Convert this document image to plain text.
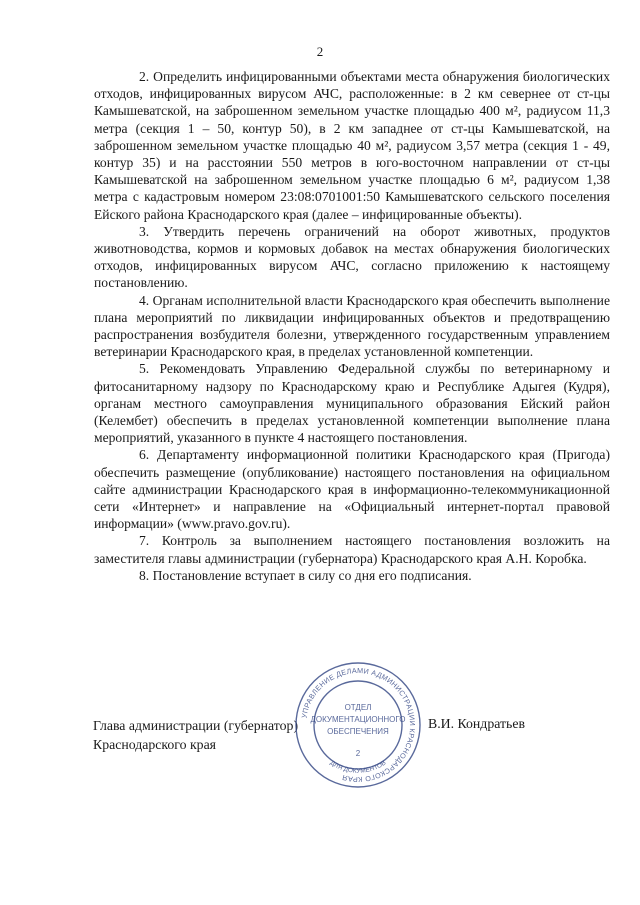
2

2. Определить инфицированными объектами места обнаружения биологических отходов, инфицированных вирусом АЧС, расположенные: в 2 км севернее от ст-цы Камышеватской, на заброшенном земельном участке площадью 400 м², радиусом 11,3 метра (секция 1 – 50, контур 50), в 2 км западнее от ст-цы Камышеватской, на заброшенном земельном участке площадью 40 м², радиусом 3,57 метра (секция 1 - 49, контур 35) и на расстоянии 550 метров в юго-восточном направлении от ст-цы Камышеватской на заброшенном земельном участке площадью 6 м², радиусом 1,38 метра с кадастровым номером 23:08:0701001:50 Камышеватского сельского поселения Ейского района Краснодарского края (далее – инфицированные объекты).

3. Утвердить перечень ограничений на оборот животных, продуктов животноводства, кормов и кормовых добавок на местах обнаружения биологических отходов, инфицированных вирусом АЧС, согласно приложению к настоящему постановлению.

4. Органам исполнительной власти Краснодарского края обеспечить выполнение плана мероприятий по ликвидации инфицированных объектов и предотвращению распространения возбудителя болезни, утвержденного государственным управлением ветеринарии Краснодарского края, в пределах установленной компетенции.

5. Рекомендовать Управлению Федеральной службы по ветеринарному и фитосанитарному надзору по Краснодарскому краю и Республике Адыгея (Кудря), органам местного самоуправления муниципального образования Ейский район (Келембет) обеспечить в пределах установленной компетенции выполнение плана мероприятий, указанного в пункте 4 настоящего постановления.

6. Департаменту информационной политики Краснодарского края (Пригода) обеспечить размещение (опубликование) настоящего постановления на официальном сайте администрации Краснодарского края в информационно-телекоммуникационной сети «Интернет» и направление на «Официальный интернет-портал правовой информации» (www.pravo.gov.ru).

7. Контроль за выполнением настоящего постановления возложить на заместителя главы администрации (губернатора) Краснодарского края А.Н. Коробка.

8. Постановление вступает в силу со дня его подписания.

Глава администрации (губернатор)
Краснодарского края
В.И. Кондратьев
УПРАВЛЕНИЕ ДЕЛАМИ АДМИНИСТРАЦИИ КРАСНОДАРСКОГО КРАЯ
ДЛЯ ДОКУМЕНТОВ
ОТДЕЛ
ДОКУМЕНТАЦИОННОГО
ОБЕСПЕЧЕНИЯ
2
